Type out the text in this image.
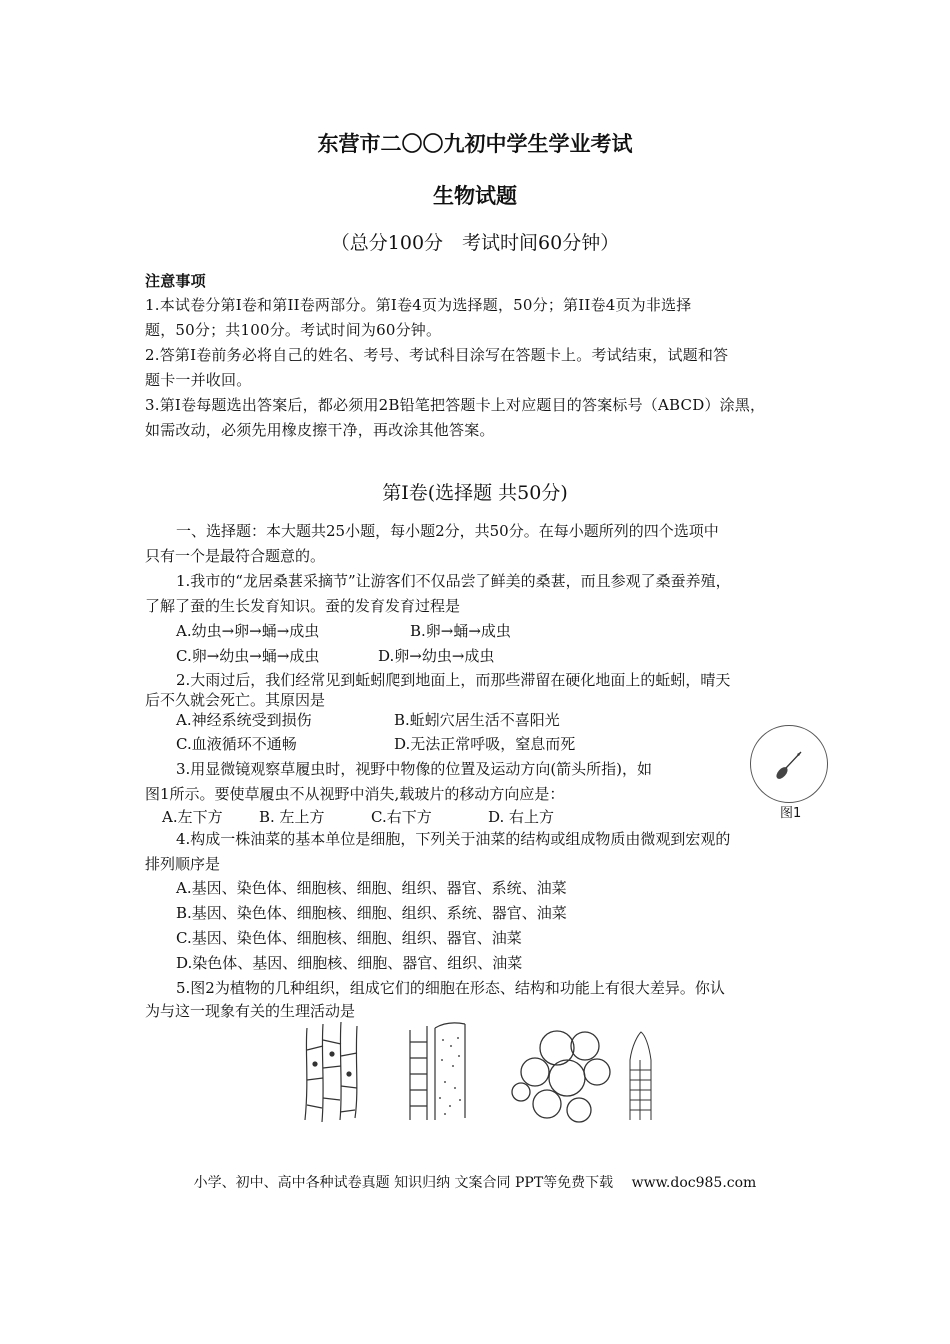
东营市二〇〇九初中学生学业考试
生物试题
（总分100分　考试时间60分钟）
注意事项
1.本试卷分第Ⅰ卷和第II卷两部分。第Ⅰ卷4页为选择题，50分；第II卷4页为非选择
题，50分；共100分。考试时间为60分钟。
2.答第Ⅰ卷前务必将自己的姓名、考号、考试科目涂写在答题卡上。考试结束，试题和答
题卡一并收回。
3.第Ⅰ卷每题选出答案后，都必须用2B铅笔把答题卡上对应题目的答案标号（ABCD）涂黑，
如需改动，必须先用橡皮擦干净，再改涂其他答案。
第Ⅰ卷(选择题 共50分)
一、选择题：本大题共25小题，每小题2分，共50分。在每小题所列的四个选项中
只有一个是最符合题意的。
1.我市的“龙居桑葚采摘节”让游客们不仅品尝了鲜美的桑葚，而且参观了桑蚕养殖，
了解了蚕的生长发育知识。蚕的发育发育过程是
A.幼虫→卵→蛹→成虫	B.卵→蛹→成虫
C.卵→幼虫→蛹→成虫	D.卵→幼虫→成虫
2.大雨过后，我们经常见到蚯蚓爬到地面上，而那些滞留在硬化地面上的蚯蚓，晴天
后不久就会死亡。其原因是
A.神经系统受到损伤	B.蚯蚓穴居生活不喜阳光
C.血液循环不通畅	D.无法正常呼吸，窒息而死
3.用显微镜观察草履虫时，视野中物像的位置及运动方向(箭头所指)，如
图1所示。要使草履虫不从视野中消失,载玻片的移动方向应是：
A.左下方 B. 左上方	C.右下方	D. 右上方	图1
4.构成一株油菜的基本单位是细胞，下列关于油菜的结构或组成物质由微观到宏观的
排列顺序是
A.基因、染色体、细胞核、细胞、组织、器官、系统、油菜
B.基因、染色体、细胞核、细胞、组织、系统、器官、油菜
C.基因、染色体、细胞核、细胞、组织、器官、油菜
D.染色体、基因、细胞核、细胞、器官、组织、油菜
5.图2为植物的几种组织，组成它们的细胞在形态、结构和功能上有很大差异。你认
为与这一现象有关的生理活动是
小学、初中、高中各种试卷真题 知识归纳 文案合同 PPT等免费下载　 www.doc985.com
